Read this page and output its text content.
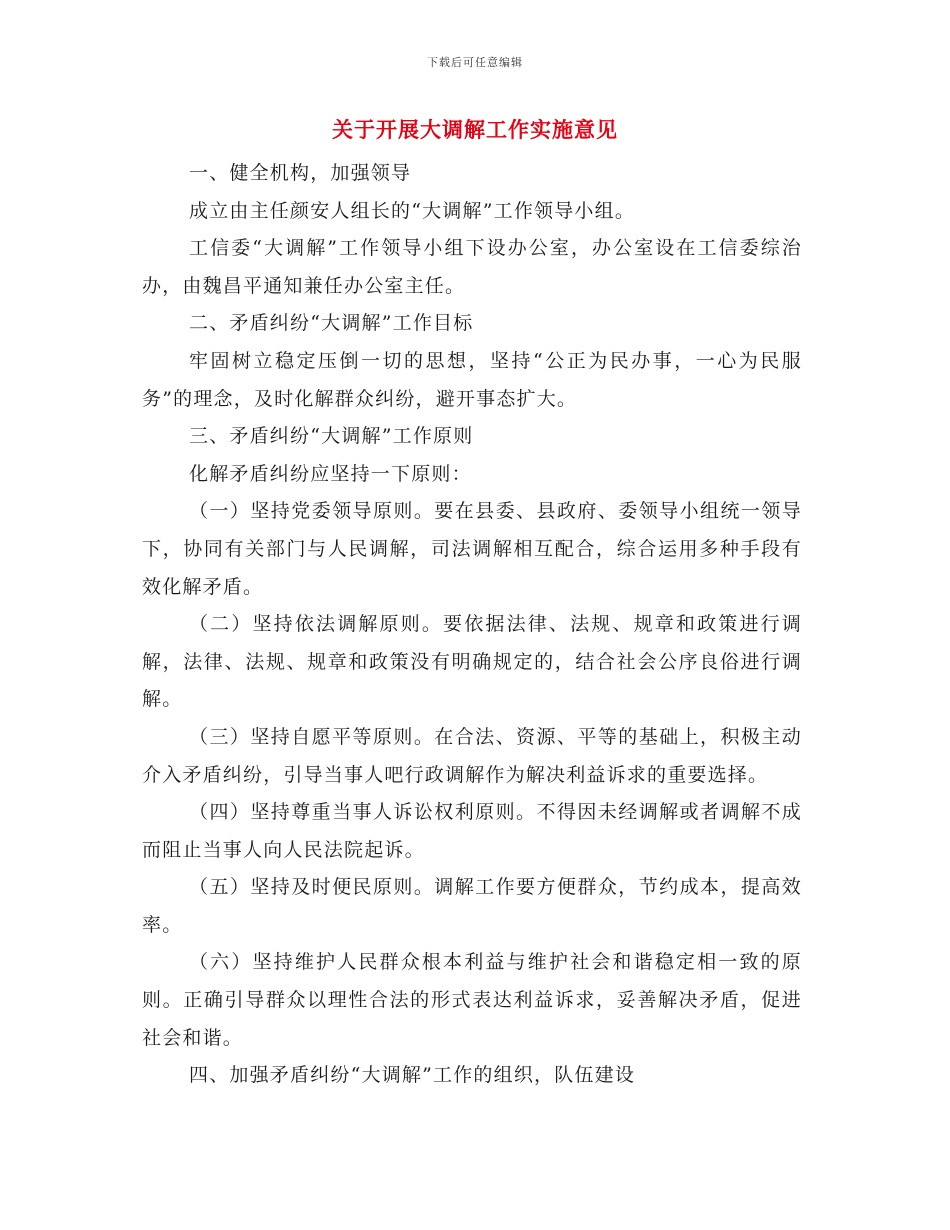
下载后可任意编辑
关于开展大调解工作实施意见

一、健全机构，加强领导

成立由主任颜安人组长的“大调解”工作领导小组。

工信委“大调解”工作领导小组下设办公室，办公室设在工信委综治办，由魏昌平通知兼任办公室主任。

二、矛盾纠纷“大调解”工作目标

牢固树立稳定压倒一切的思想，坚持“公正为民办事，一心为民服务”的理念，及时化解群众纠纷，避开事态扩大。

三、矛盾纠纷“大调解”工作原则

化解矛盾纠纷应坚持一下原则：

（一）坚持党委领导原则。要在县委、县政府、委领导小组统一领导下，协同有关部门与人民调解，司法调解相互配合，综合运用多种手段有效化解矛盾。

（二）坚持依法调解原则。要依据法律、法规、规章和政策进行调解，法律、法规、规章和政策没有明确规定的，结合社会公序良俗进行调解。

（三）坚持自愿平等原则。在合法、资源、平等的基础上，积极主动介入矛盾纠纷，引导当事人吧行政调解作为解决利益诉求的重要选择。

（四）坚持尊重当事人诉讼权利原则。不得因未经调解或者调解不成而阻止当事人向人民法院起诉。

（五）坚持及时便民原则。调解工作要方便群众，节约成本，提高效率。

（六）坚持维护人民群众根本利益与维护社会和谐稳定相一致的原则。正确引导群众以理性合法的形式表达利益诉求，妥善解决矛盾，促进社会和谐。

四、加强矛盾纠纷“大调解”工作的组织，队伍建设
